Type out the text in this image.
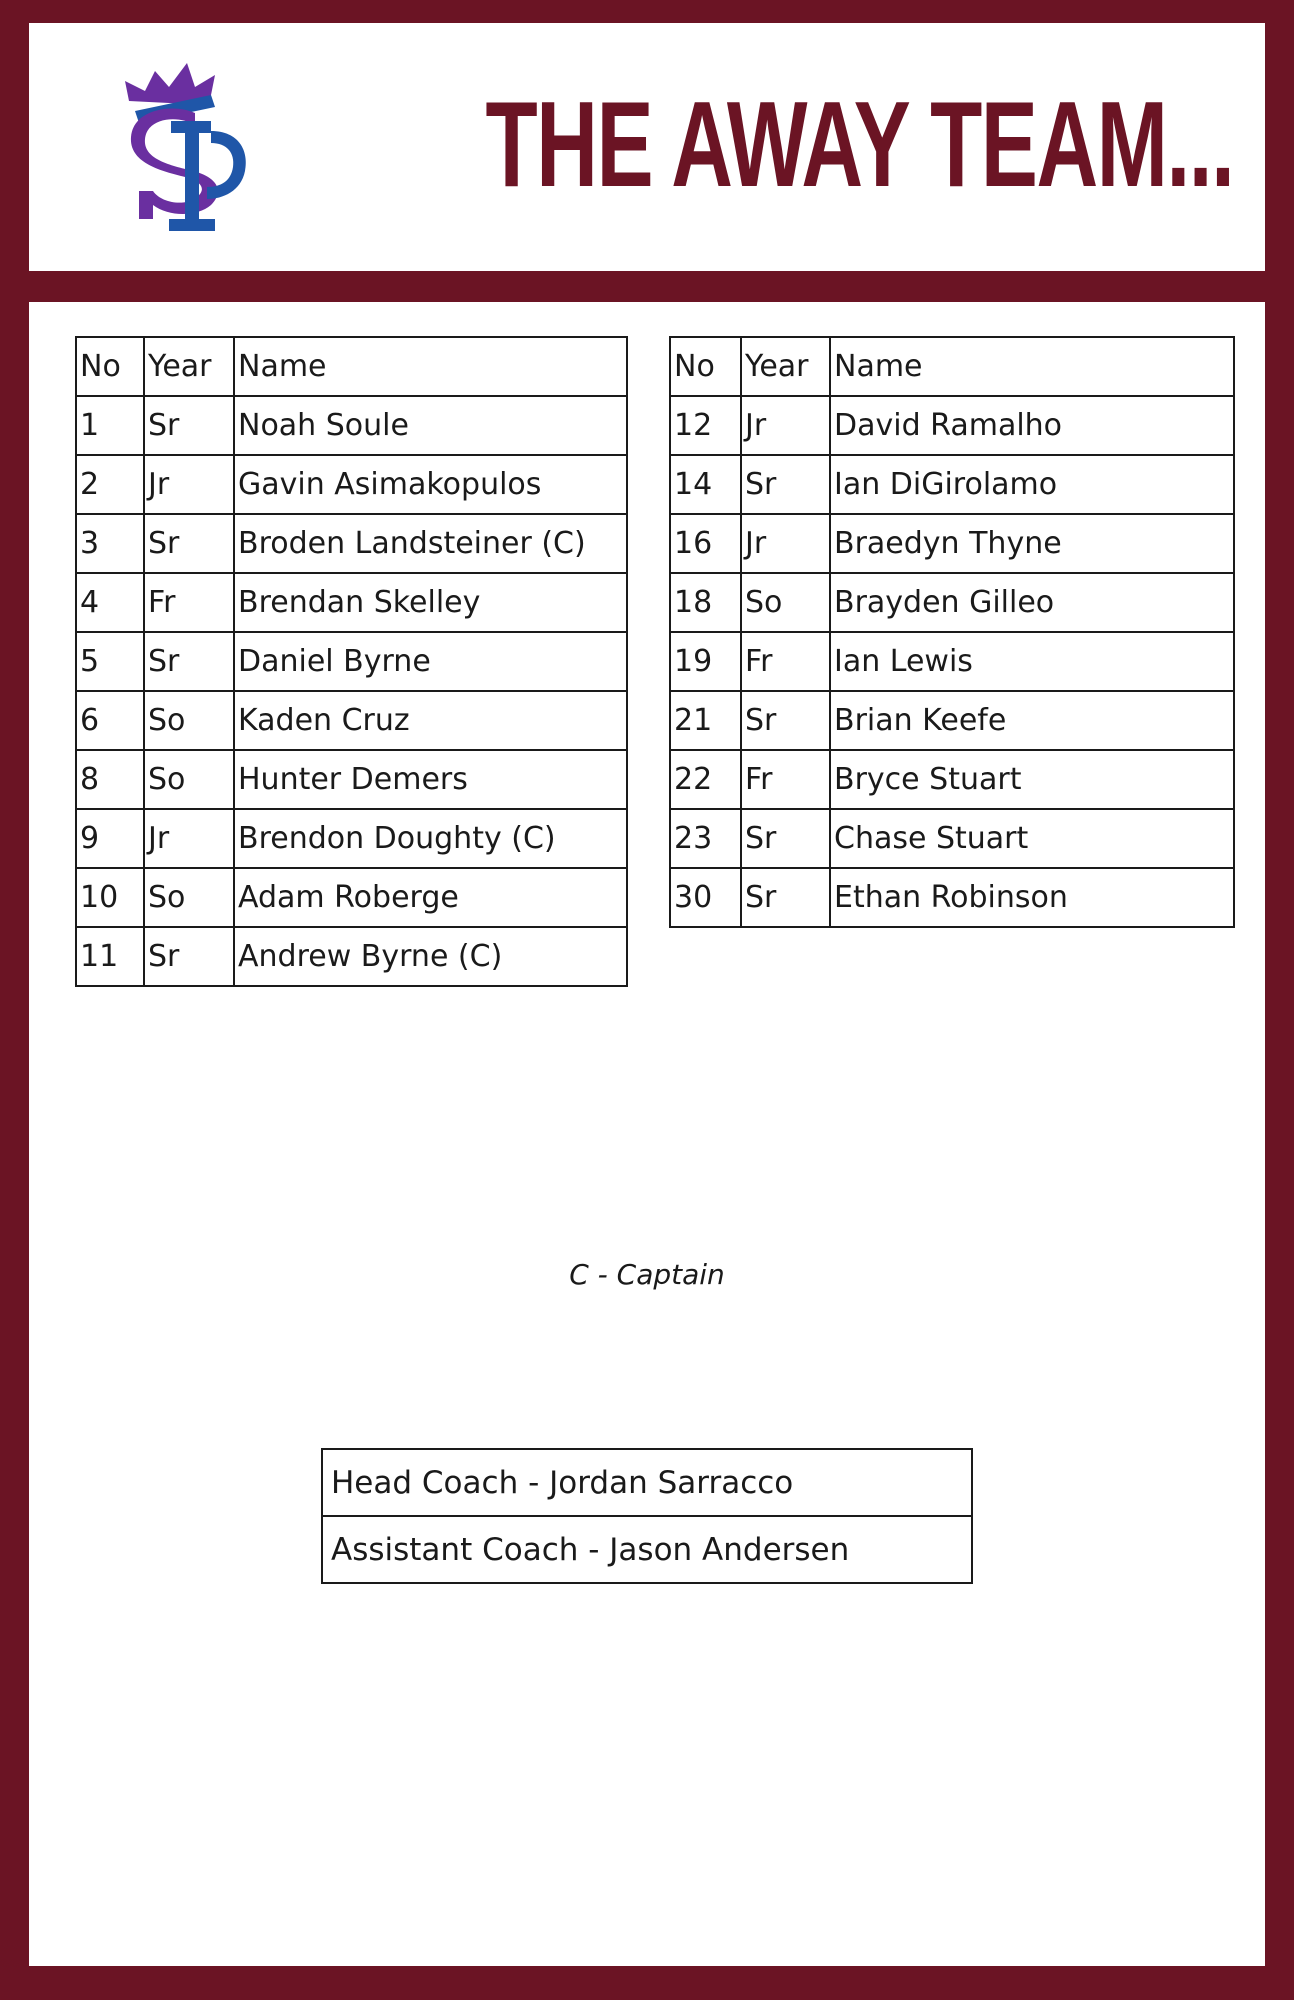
THE AWAY TEAM...
No	Year	Name
1	Sr	Noah Soule
2	Jr	Gavin Asimakopulos
3	Sr	Broden Landsteiner (C)
4	Fr	Brendan Skelley
5	Sr	Daniel Byrne
6	So	Kaden Cruz
8	So	Hunter Demers
9	Jr	Brendon Doughty (C)
10	So	Adam Roberge
11	Sr	Andrew Byrne (C)
No	Year	Name
12	Jr	David Ramalho
14	Sr	Ian DiGirolamo
16	Jr	Braedyn Thyne
18	So	Brayden Gilleo
19	Fr	Ian Lewis
21	Sr	Brian Keefe
22	Fr	Bryce Stuart
23	Sr	Chase Stuart
30	Sr	Ethan Robinson
C - Captain
Head Coach - Jordan Sarracco
Assistant Coach - Jason Andersen
